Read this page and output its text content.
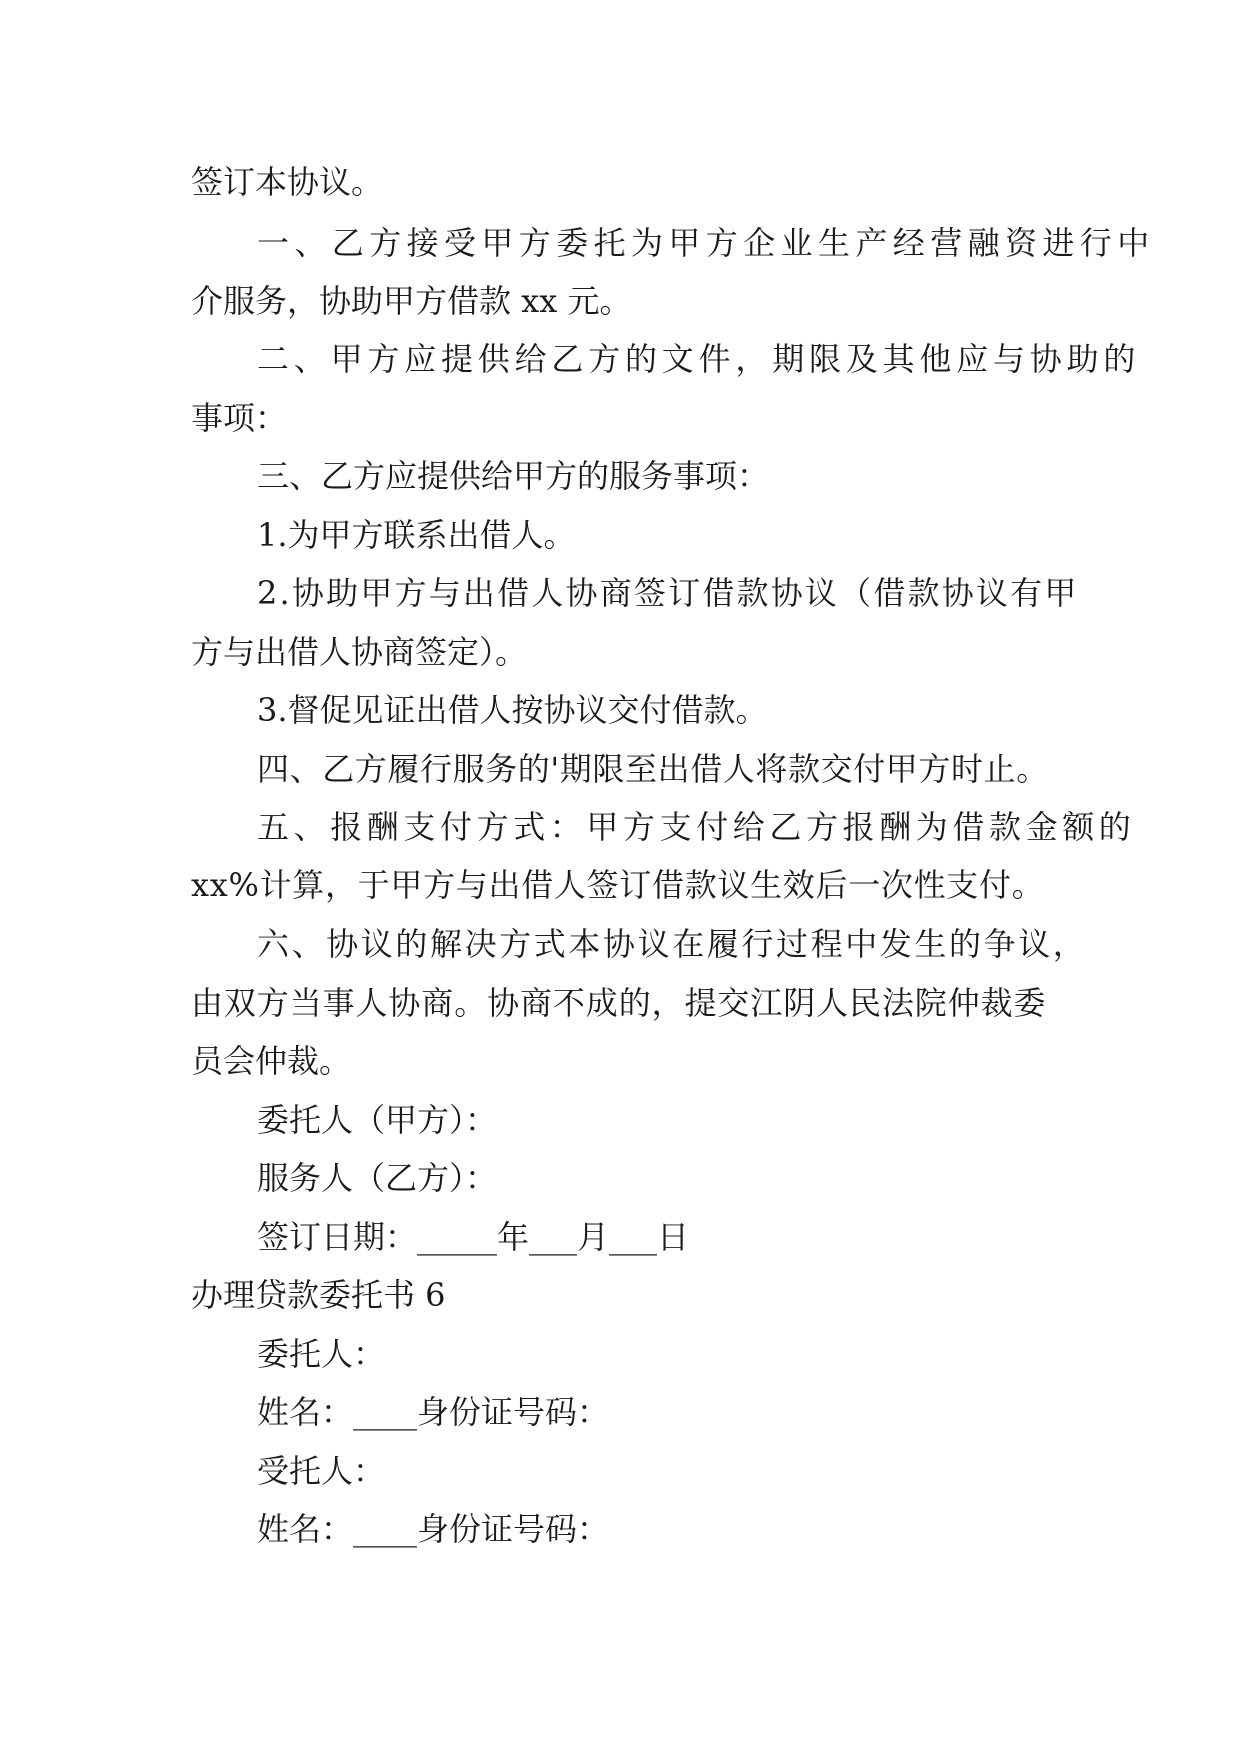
签订本协议。
一、乙方接受甲方委托为甲方企业生产经营融资进行中
介服务，协助甲方借款 xx 元。
二、甲方应提供给乙方的文件，期限及其他应与协助的
事项：
三、乙方应提供给甲方的服务事项：
1.为甲方联系出借人。
2.协助甲方与出借人协商签订借款协议（借款协议有甲
方与出借人协商签定）。
3.督促见证出借人按协议交付借款。
四、乙方履行服务的'期限至出借人将款交付甲方时止。
五、报酬支付方式：甲方支付给乙方报酬为借款金额的
xx%计算，于甲方与出借人签订借款议生效后一次性支付。
六、协议的解决方式本协议在履行过程中发生的争议，
由双方当事人协商。协商不成的，提交江阴人民法院仲裁委
员会仲裁。
委托人（甲方）：
服务人（乙方）：
签订日期：_____年___月___日
办理贷款委托书 6
委托人：
姓名：____身份证号码：
受托人：
姓名：____身份证号码：
